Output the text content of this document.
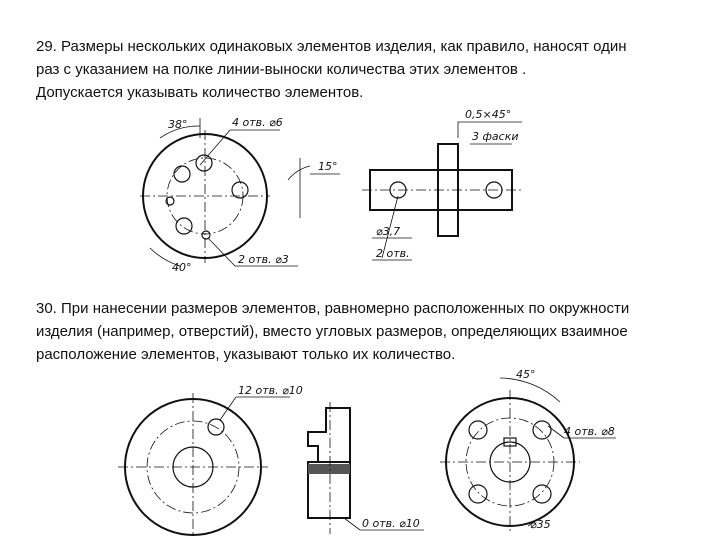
29. Размеры нескольких одинаковых элементов изделия, как правило, наносят один
раз с указанием на полке линии-выноски количества этих элементов .
Допускается указывать количество элементов.
38°	4 отв. ⌀6
40°
2 отв. ⌀3
15°
0,5×45°
3 фаски
⌀3,7
2 отв.
30. При нанесении размеров элементов, равномерно расположенных по окружности
изделия (например, отверстий), вместо угловых размеров, определяющих взаимное
расположение элементов, указывают только их количество.
12 отв. ⌀10
0 отв. ⌀10
45°
4 отв. ⌀8
⌀35
